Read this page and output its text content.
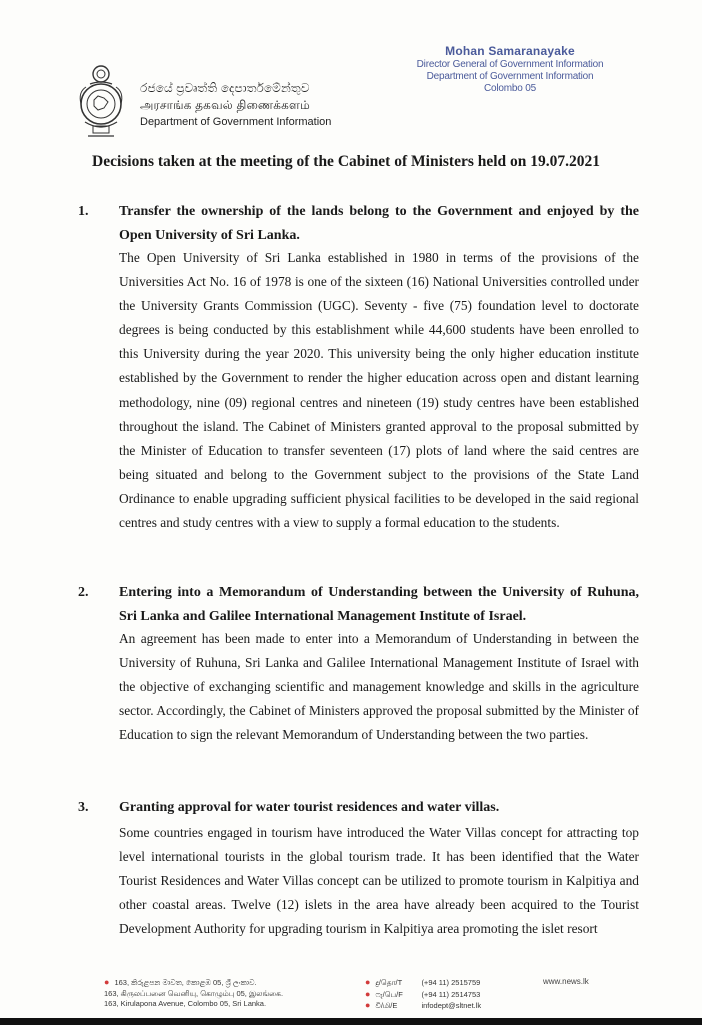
රජයේ ප්‍රවෘත්ති දෙපාර්තමේන්තුව
அரசாங்க தகவல் திணைக்களம்
Department of Government Information
Mohan Samaranayake
Director General of Government Information
Department of Government Information
Colombo 05
Decisions taken at the meeting of the Cabinet of Ministers held on 19.07.2021
1. Transfer the ownership of the lands belong to the Government and enjoyed by the Open University of Sri Lanka.
The Open University of Sri Lanka established in 1980 in terms of the provisions of the Universities Act No. 16 of 1978 is one of the sixteen (16) National Universities controlled under the University Grants Commission (UGC). Seventy - five (75) foundation level to doctorate degrees is being conducted by this establishment while 44,600 students have been enrolled to this University during the year 2020. This university being the only higher education institute established by the Government to render the higher education across open and distant learning methodology, nine (09) regional centres and nineteen (19) study centres have been established throughout the island. The Cabinet of Ministers granted approval to the proposal submitted by the Minister of Education to transfer seventeen (17) plots of land where the said centres are being situated and belong to the Government subject to the provisions of the State Land Ordinance to enable upgrading sufficient physical facilities to be developed in the said regional centres and study centres with a view to supply a formal education to the students.
2. Entering into a Memorandum of Understanding between the University of Ruhuna, Sri Lanka and Galilee International Management Institute of Israel.
An agreement has been made to enter into a Memorandum of Understanding in between the University of Ruhuna, Sri Lanka and Galilee International Management Institute of Israel with the objective of exchanging scientific and management knowledge and skills in the agriculture sector. Accordingly, the Cabinet of Ministers approved the proposal submitted by the Minister of Education to sign the relevant Memorandum of Understanding between the two parties.
3. Granting approval for water tourist residences and water villas.
Some countries engaged in tourism have introduced the Water Villas concept for attracting top level international tourists in the global tourism trade. It has been identified that the Water Tourist Residences and Water Villas concept can be utilized to promote tourism in Kalpitiya and other coastal areas. Twelve (12) islets in the area have already been acquired to the Tourist Development Authority for upgrading tourism in Kalpitiya area promoting the islet resort
● 163, කිරුළපන මාවත, කොළඹ 05, ශ්‍රී ලංකාව.
163, கிருலப்பனை வெனியு, கொழும்பு 05, இலங்கை.
163, Kirulapona Avenue, Colombo 05, Sri Lanka.
● දු/தொ/T	(+94 11) 2515759
● ෆැ/பெ/F (+94 11) 2514753
● වි/மி/E	infodept@sltnet.lk
www.news.lk
